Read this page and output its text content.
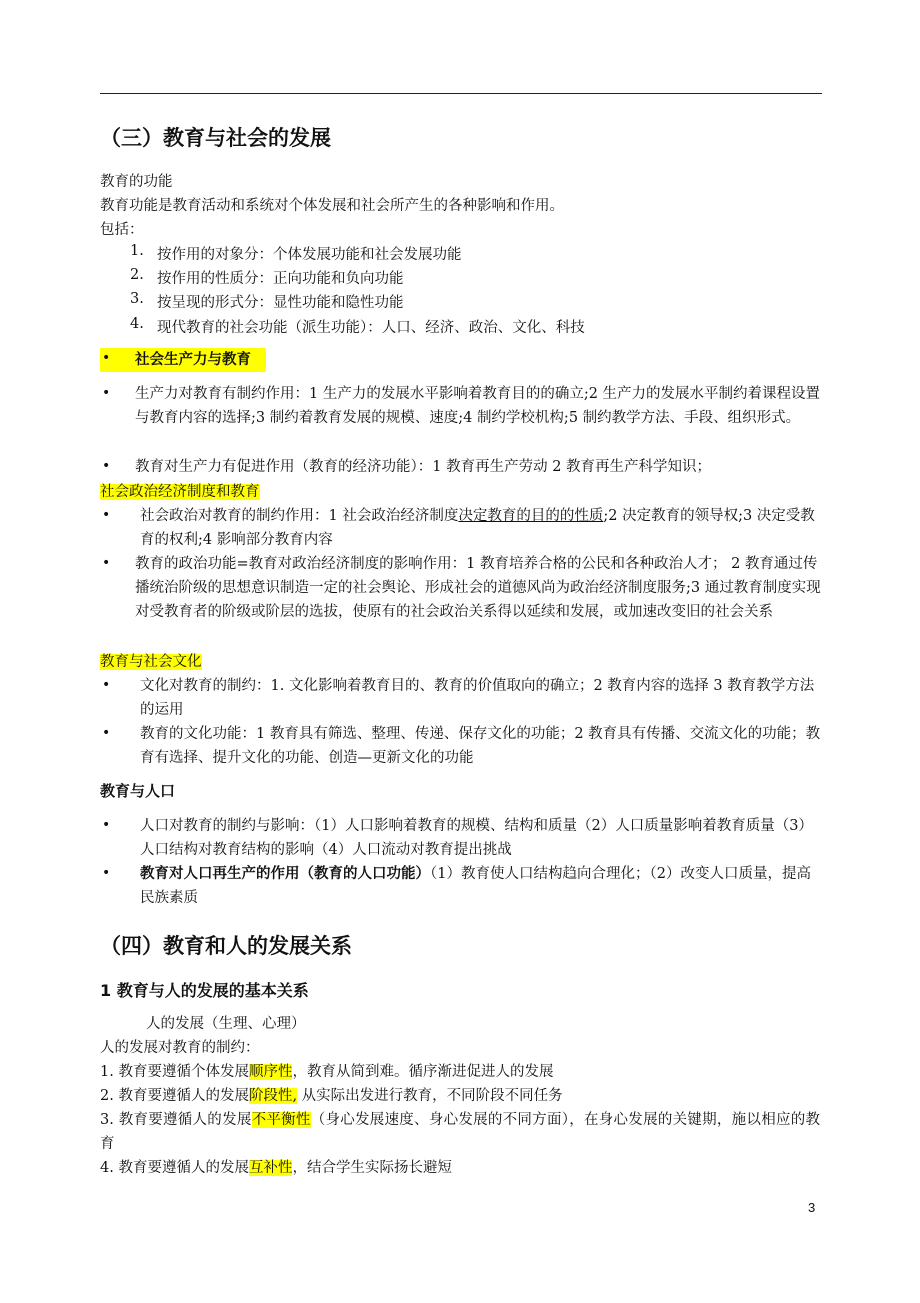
（三）教育与社会的发展
教育的功能
教育功能是教育活动和系统对个体发展和社会所产生的各种影响和作用。
包括：
1. 按作用的对象分：个体发展功能和社会发展功能
2. 按作用的性质分：正向功能和负向功能
3. 按呈现的形式分：显性功能和隐性功能
4. 现代教育的社会功能（派生功能）：人口、经济、政治、文化、科技
• 社会生产力与教育
• 生产力对教育有制约作用：1 生产力的发展水平影响着教育目的的确立;2 生产力的发展水平制约着课程设置与教育内容的选择;3 制约着教育发展的规模、速度;4 制约学校机构;5 制约教学方法、手段、组织形式。
• 教育对生产力有促进作用（教育的经济功能）：1 教育再生产劳动 2 教育再生产科学知识；
社会政治经济制度和教育
• 社会政治对教育的制约作用：1 社会政治经济制度决定教育的目的的性质;2 决定教育的领导权;3 决定受教育的权利;4 影响部分教育内容
• 教育的政治功能=教育对政治经济制度的影响作用：1 教育培养合格的公民和各种政治人才； 2 教育通过传播统治阶级的思想意识制造一定的社会舆论、形成社会的道德风尚为政治经济制度服务;3 通过教育制度实现对受教育者的阶级或阶层的选拔，使原有的社会政治关系得以延续和发展，或加速改变旧的社会关系
教育与社会文化
• 文化对教育的制约：1. 文化影响着教育目的、教育的价值取向的确立；2 教育内容的选择 3 教育教学方法的运用
• 教育的文化功能：1 教育具有筛选、整理、传递、保存文化的功能；2 教育具有传播、交流文化的功能；教育有选择、提升文化的功能、创造—更新文化的功能
教育与人口
• 人口对教育的制约与影响：（1）人口影响着教育的规模、结构和质量（2）人口质量影响着教育质量（3）人口结构对教育结构的影响（4）人口流动对教育提出挑战
• 教育对人口再生产的作用（教育的人口功能）（1）教育使人口结构趋向合理化；（2）改变人口质量，提高民族素质
（四）教育和人的发展关系
1 教育与人的发展的基本关系
人的发展（生理、心理）
人的发展对教育的制约：
1. 教育要遵循个体发展顺序性，教育从简到难。循序渐进促进人的发展
2. 教育要遵循人的发展阶段性, 从实际出发进行教育，不同阶段不同任务
3. 教育要遵循人的发展不平衡性（身心发展速度、身心发展的不同方面），在身心发展的关键期，施以相应的教育
4. 教育要遵循人的发展互补性，结合学生实际扬长避短
3
